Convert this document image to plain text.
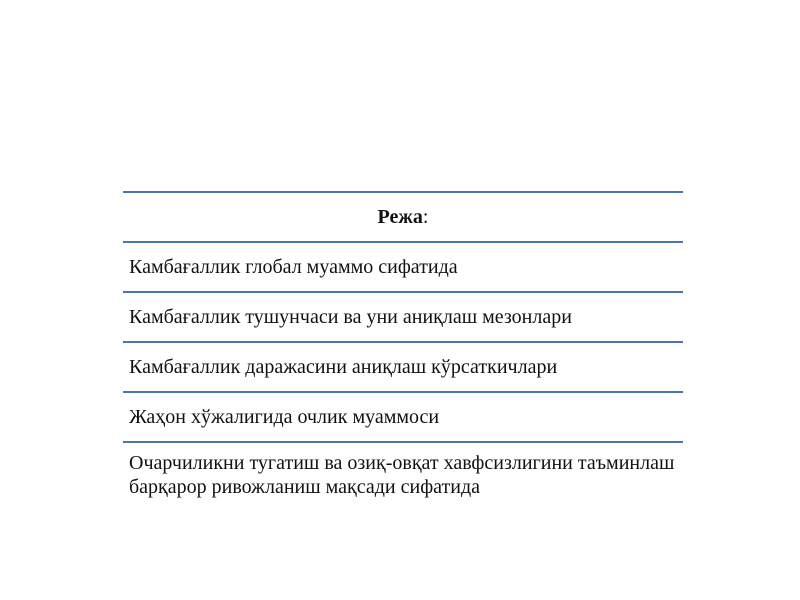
Режа :
Камбағаллик глобал муаммо сифатида
Камбағаллик тушунчаси ва уни аниқлаш мезонлари
Камбағаллик даражасини аниқлаш кўрсаткичлари
Жаҳон хўжалигида очлик муаммоси
Очарчиликни тугатиш ва озиқ-овқат хавфсизлигини таъминлаш барқарор ривожланиш мақсади сифатида
